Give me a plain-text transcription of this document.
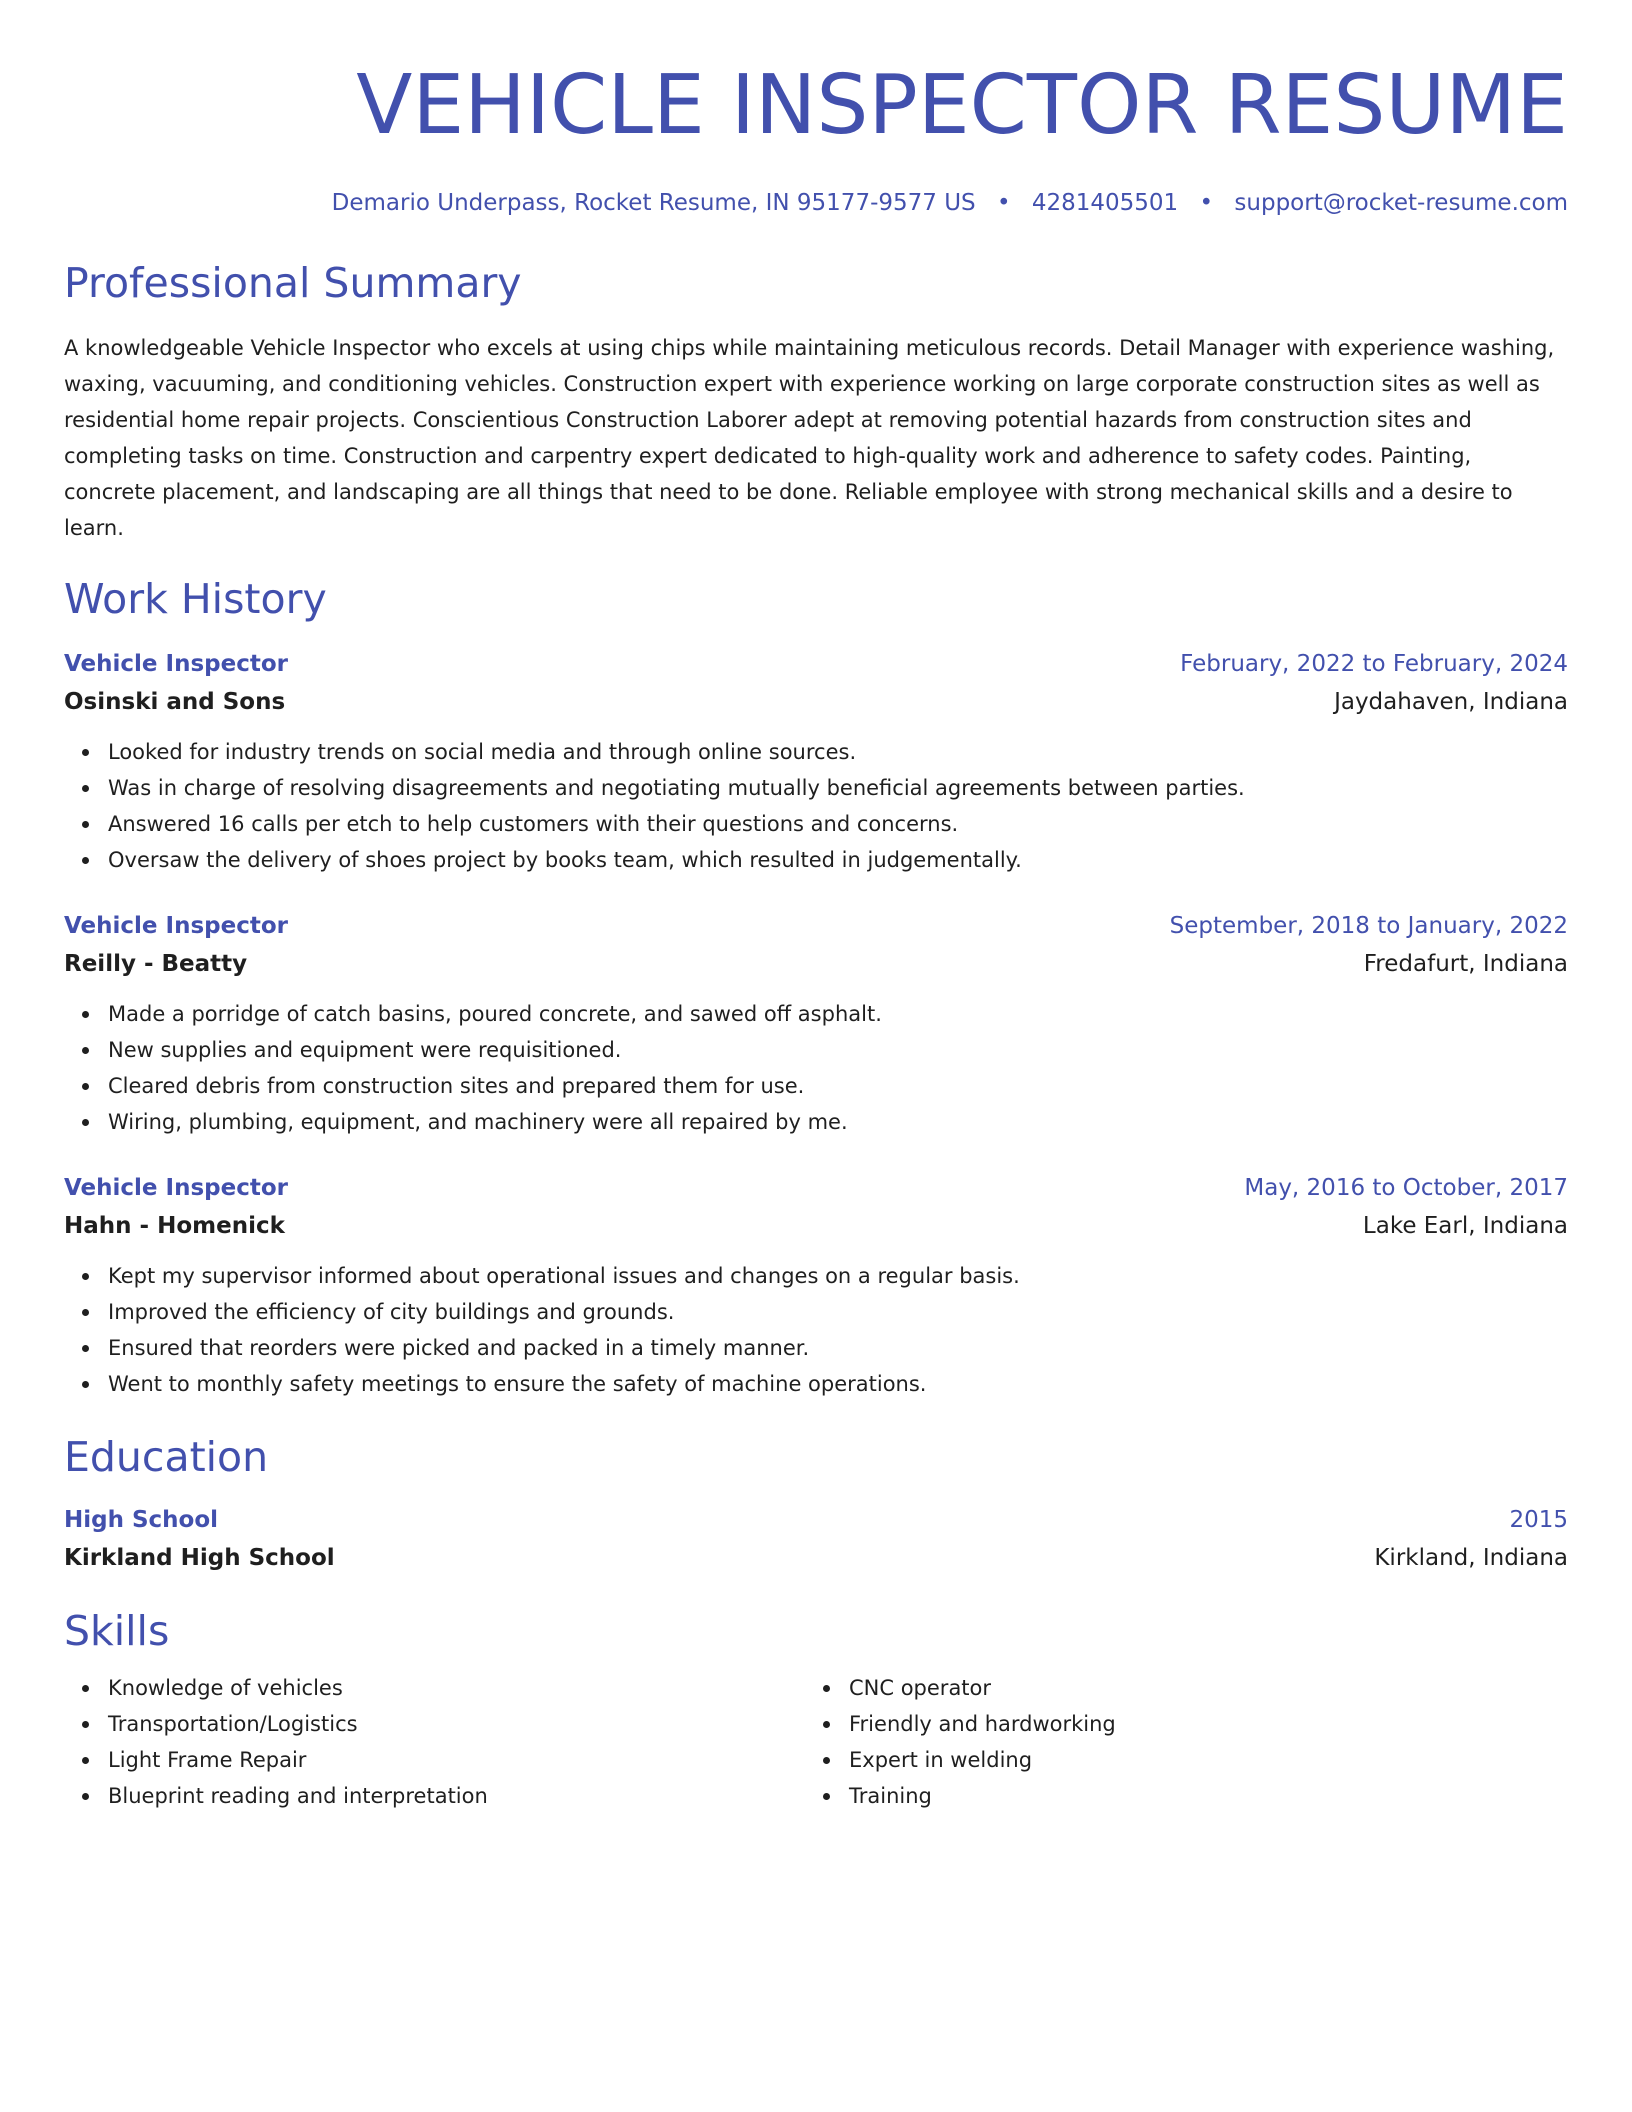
VEHICLE INSPECTOR RESUME
Demario Underpass, Rocket Resume, IN 95177-9577 US • 4281405501 • support@rocket-resume.com
Professional Summary
A knowledgeable Vehicle Inspector who excels at using chips while maintaining meticulous records. Detail Manager with experience washing, waxing, vacuuming, and conditioning vehicles. Construction expert with experience working on large corporate construction sites as well as residential home repair projects. Conscientious Construction Laborer adept at removing potential hazards from construction sites and completing tasks on time. Construction and carpentry expert dedicated to high-quality work and adherence to safety codes. Painting, concrete placement, and landscaping are all things that need to be done. Reliable employee with strong mechanical skills and a desire to learn.
Work History
Vehicle Inspector	February, 2022 to February, 2024
Osinski and Sons	Jaydahaven, Indiana
Looked for industry trends on social media and through online sources.
Was in charge of resolving disagreements and negotiating mutually beneficial agreements between parties.
Answered 16 calls per etch to help customers with their questions and concerns.
Oversaw the delivery of shoes project by books team, which resulted in judgementally.
Vehicle Inspector	September, 2018 to January, 2022
Reilly - Beatty	Fredafurt, Indiana
Made a porridge of catch basins, poured concrete, and sawed off asphalt.
New supplies and equipment were requisitioned.
Cleared debris from construction sites and prepared them for use.
Wiring, plumbing, equipment, and machinery were all repaired by me.
Vehicle Inspector	May, 2016 to October, 2017
Hahn - Homenick	Lake Earl, Indiana
Kept my supervisor informed about operational issues and changes on a regular basis.
Improved the efficiency of city buildings and grounds.
Ensured that reorders were picked and packed in a timely manner.
Went to monthly safety meetings to ensure the safety of machine operations.
Education
High School	2015
Kirkland High School	Kirkland, Indiana
Skills
Knowledge of vehicles
Transportation/Logistics
Light Frame Repair
Blueprint reading and interpretation
CNC operator
Friendly and hardworking
Expert in welding
Training
